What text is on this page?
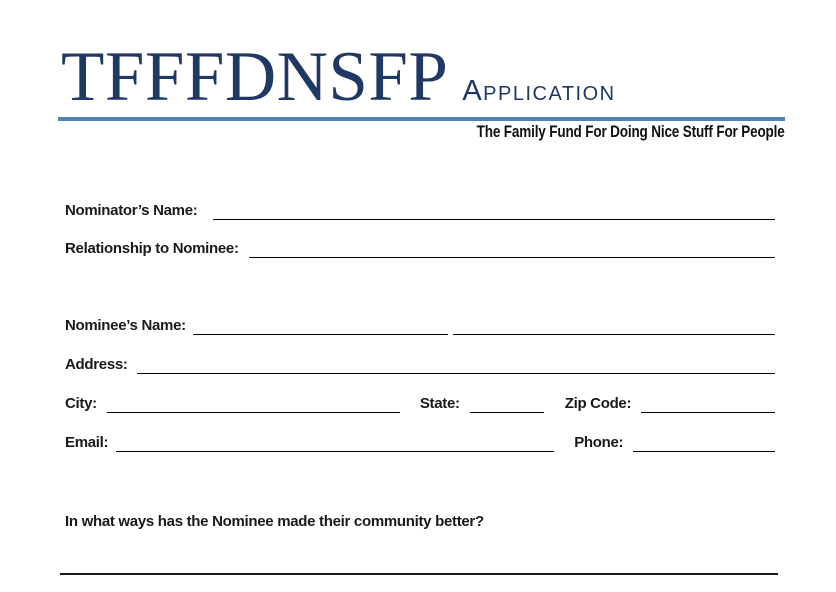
TFFFDNSFP Application
The Family Fund For Doing Nice Stuff For People
Nominator’s Name:
Relationship to Nominee:
Nominee’s Name:
Address:
City:	State:	Zip Code:
Email:	Phone:
In what ways has the Nominee made their community better?
